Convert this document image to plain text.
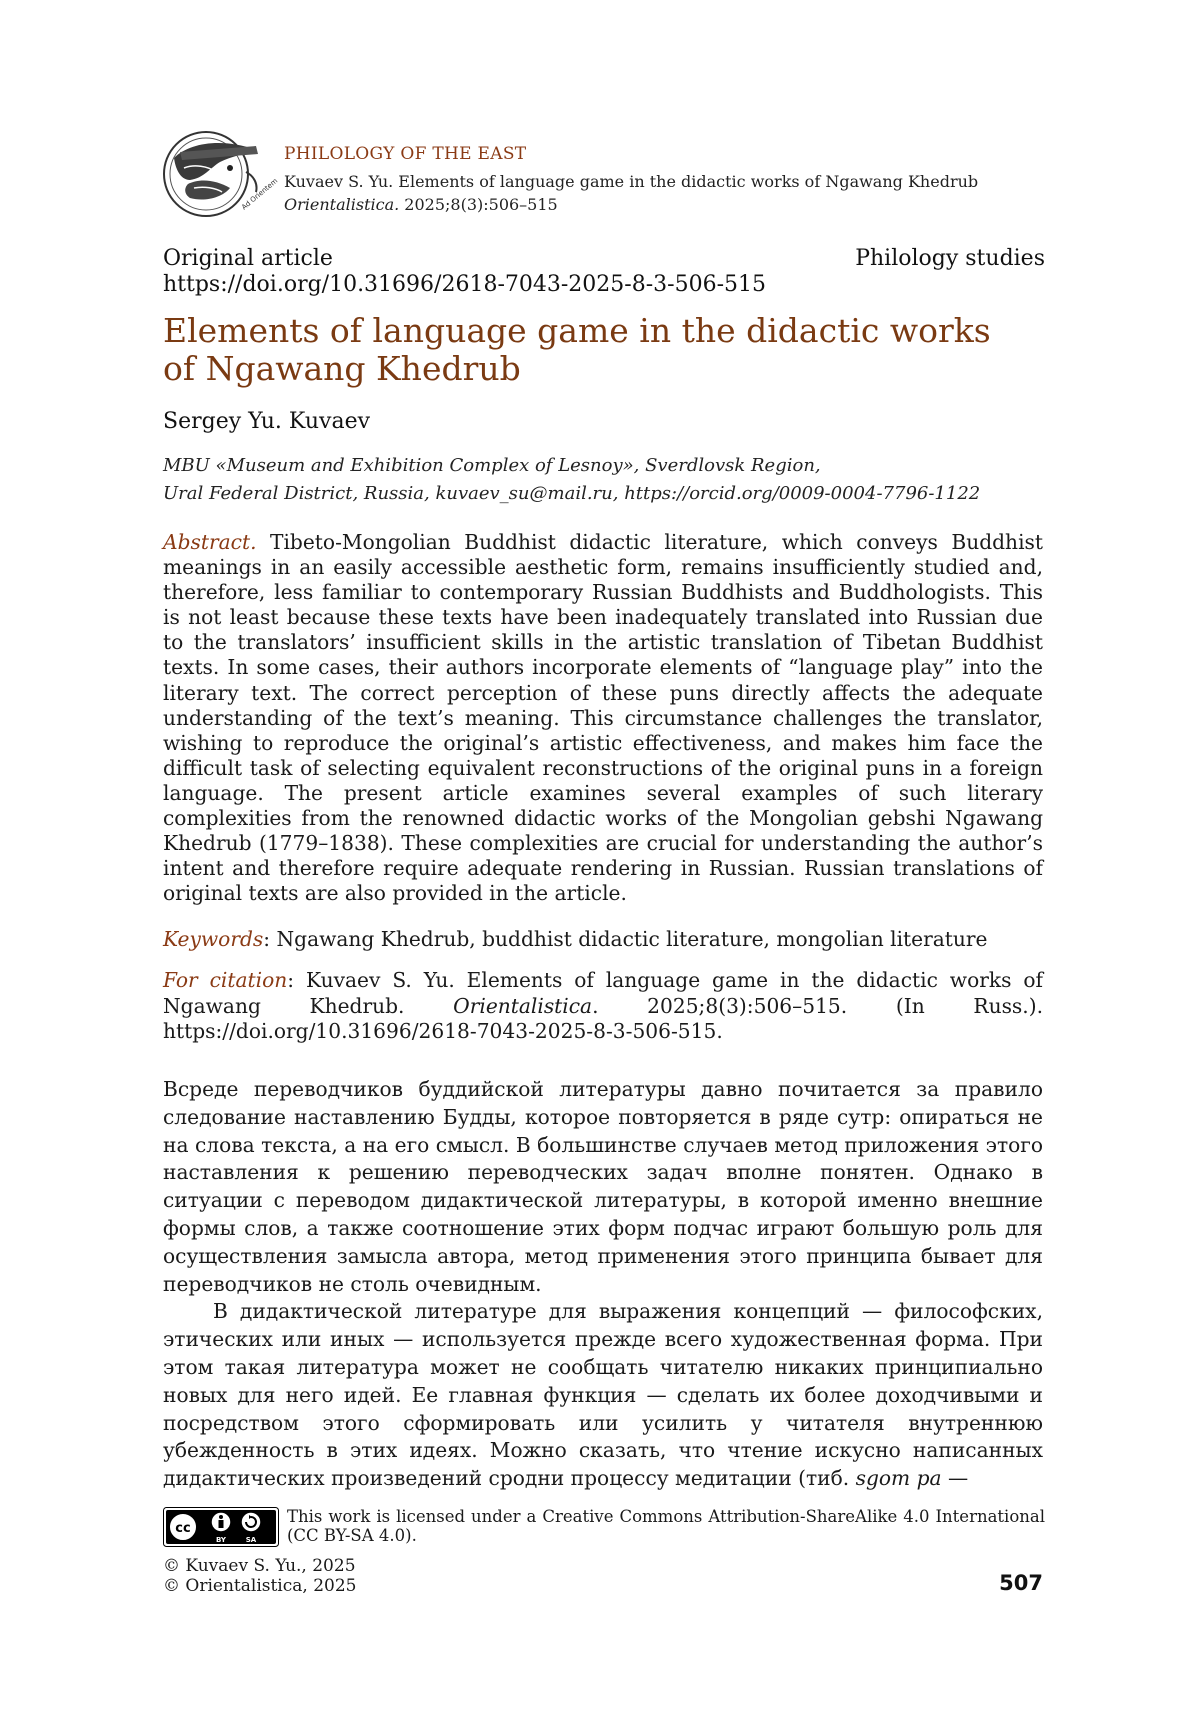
Ad Orientem
PHILOLOGY OF THE EAST
Kuvaev S. Yu. Elements of language game in the didactic works of Ngawang Khedrub
Orientalistica. 2025;8(3):506–515
Original article
https://doi.org/10.31696/2618-7043-2025-8-3-506-515
Philology studies
Elements of language game in the didactic works
of Ngawang Khedrub
Sergey Yu. Kuvaev
MBU «Museum and Exhibition Complex of Lesnoy», Sverdlovsk Region,
Ural Federal District, Russia, kuvaev_su@mail.ru, https://orcid.org/0009-0004-7796-1122
Abstract. Tibeto-Mongolian Buddhist didactic literature, which conveys Buddhist meanings in an easily accessible aesthetic form, remains insufficiently studied and, therefore, less familiar to contemporary Russian Buddhists and Buddhologists. This is not least because these texts have been inadequately translated into Russian due to the translators’ insufficient skills in the artistic translation of Tibetan Buddhist texts. In some cases, their authors incorporate elements of “language play” into the literary text. The correct perception of these puns directly affects the adequate understanding of the text’s meaning. This circumstance challenges the translator, wishing to reproduce the original’s artistic effectiveness, and makes him face the difficult task of selecting equivalent reconstructions of the original puns in a foreign language. The present article examines several examples of such literary complexities from the renowned didactic works of the Mongolian gebshi Ngawang Khedrub (1779–1838). These complexities are crucial for understanding the author’s intent and therefore require adequate rendering in Russian. Russian translations of original texts are also provided in the article.
Keywords: Ngawang Khedrub, buddhist didactic literature, mongolian literature
For citation: Kuvaev S. Yu. Elements of language game in the didactic works of Ngawang Khedrub. Orientalistica. 2025;8(3):506–515. (In Russ.). https://doi.org/10.31696/2618-7043-2025-8-3-506-515.

Всреде переводчиков буддийской литературы давно почитается за правило следование наставлению Будды, которое повторяется в ряде сутр: опираться не на слова текста, а на его смысл. В большинстве случаев метод приложения этого наставления к решению переводческих задач вполне понятен. Однако в ситуации с переводом дидактической литературы, в которой именно внешние формы слов, а также соотношение этих форм подчас играют большую роль для осуществления замысла автора, метод применения этого принципа бывает для переводчиков не столь очевидным.

В дидактической литературе для выражения концепций — философских, этических или иных — используется прежде всего художественная форма. При этом такая литература может не сообщать читателю никаких принципиально новых для него идей. Ее главная функция — сделать их более доходчивыми и посредством этого сформировать или усилить у читателя внутреннюю убежденность в этих идеях. Можно сказать, что чтение искусно написанных дидактических произведений сродни процессу медитации (тиб. sgom pa —

cc
BY	SA
This work is licensed under a Creative Commons Attribution-ShareAlike 4.0 International (CC BY-SA 4.0).
© Kuvaev S. Yu., 2025
© Orientalistica, 2025	507
